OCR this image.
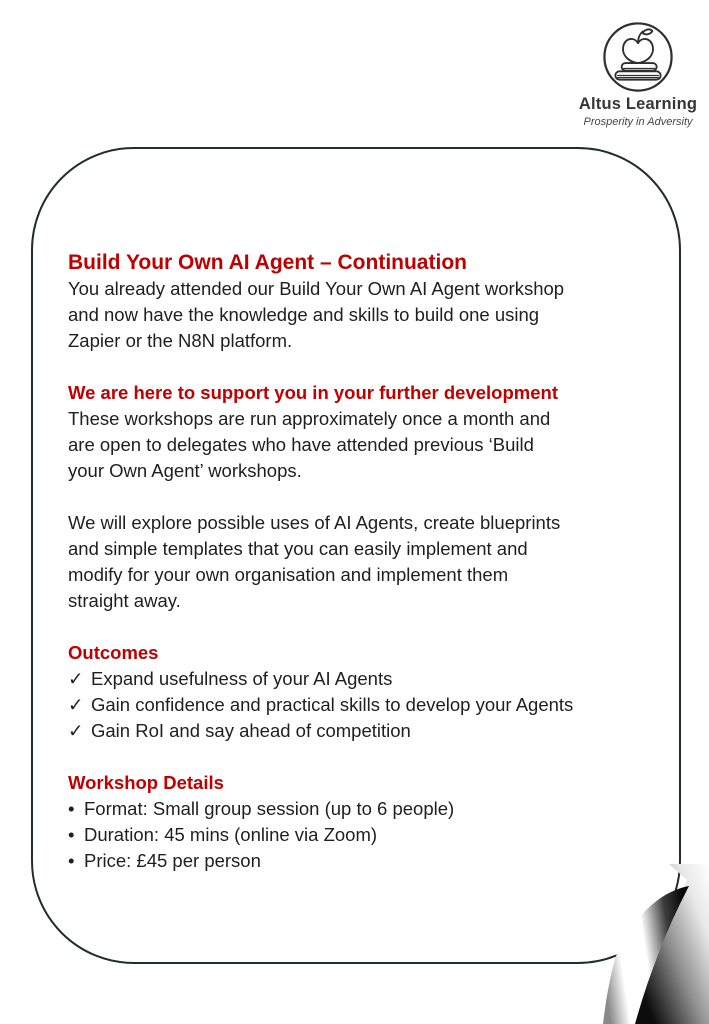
Altus Learning
Prosperity in Adversity
Build Your Own AI Agent – Continuation
You already attended our Build Your Own AI Agent workshop
and now have the knowledge and skills to build one using
Zapier or the N8N platform.
We are here to support you in your further development
These workshops are run approximately once a month and
are open to delegates who have attended previous ‘Build
your Own Agent’ workshops.
We will explore possible uses of AI Agents, create blueprints
and simple templates that you can easily implement and
modify for your own organisation and implement them
straight away.
Outcomes
✓ Expand usefulness of your AI Agents
✓ Gain confidence and practical skills to develop your Agents
✓ Gain RoI and say ahead of competition
Workshop Details
• Format: Small group session (up to 6 people)
• Duration: 45 mins (online via Zoom)
• Price: £45 per person
